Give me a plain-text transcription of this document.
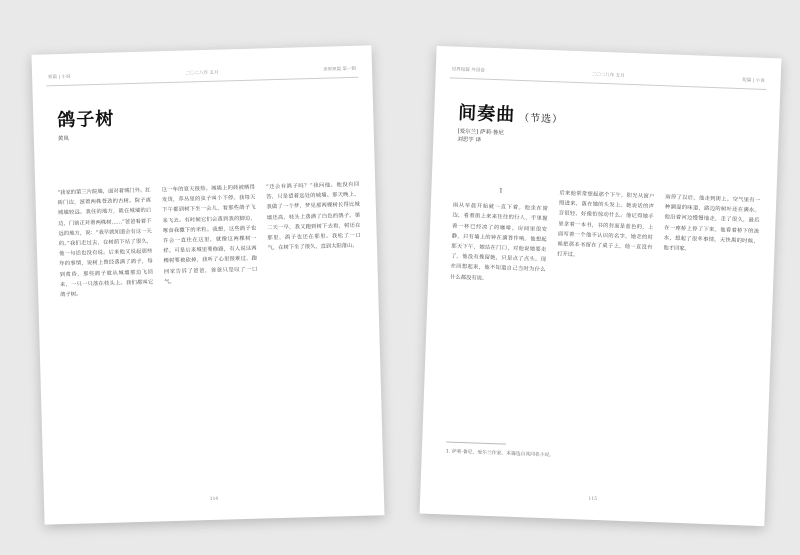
短篇 | 小说
二〇二八年 五月
世界短篇 第一辑
鸽子树
黄岚
“我家的第三片院墙，面对着城门外。红砖门边，滋着两株苍劲的古树。院子离城墙较远。我住的地方，就在城墙的后边，门前正对着两株树……”爸爸看着不远的地方，说：“我早就知道会有这一天的。”我们走过去，在树荫下站了很久，他一句话也没有说。后来他又说起那些年的事情，说树上曾经落满了鸽子，每到黄昏，那些鸽子就从城墙那边飞回来，一只一只落在枝头上。我们都叫它鸽子树。
这一年的夏天很热。城墙上的砖被晒得发烫，草丛里的虫子叫个不停。我每天下午都到树下坐一会儿，看那些鸽子飞来飞去。有时候它们会落到我的脚边，啄食我撒下的米粒。我想，这些鸽子也许会一直住在这里，就像这两棵树一样。可是后来城里要修路，有人说这两棵树要被砍掉，我听了心里很难过，跑回家告诉了爸爸，爸爸只是叹了一口气。
“还会有鸽子吗？”我问他。他没有回答，只是望着远处的城墙。那天晚上，我做了一个梦，梦见那两棵树长得比城墙还高，枝头上落满了白色的鸽子。第二天一早，我又跑到树下去看，树还在那里，鸽子也还在那里。我松了一口气，在树下坐了很久，直到太阳落山。
114
世界短篇 外国卷
二〇二八年 五月
短篇 | 小说
间奏曲 （节选）
[爱尔兰] 萨莉·鲁尼
刘思宇 译
1
雨从早晨开始就一直下着。他坐在窗边，看着街上来来往往的行人，手里握着一杯已经凉了的咖啡。房间里很安静，只有墙上的钟在滴答作响。他想起那天下午，她站在门口，对他说她要走了。他没有挽留她，只是点了点头。现在回想起来，他不知道自己当时为什么什么都没有说。
后来他常常想起那个下午。阳光从窗户照进来，落在她的头发上。她说话的声音很轻，好像怕惊动什么。他记得她手里拿着一本书，书的封面是蓝色的，上面写着一个他不认识的名字。她走的时候把那本书留在了桌子上，他一直没有打开过。
雨停了以后，他走到街上。空气里有一种潮湿的味道，路边的树叶还在滴水。他沿着河边慢慢地走，走了很久，最后在一座桥上停了下来。他看着桥下的流水，想起了很多事情。天快黑的时候，他才回家。
1. 萨莉·鲁尼，爱尔兰作家。本篇选自其同名小说。
115
